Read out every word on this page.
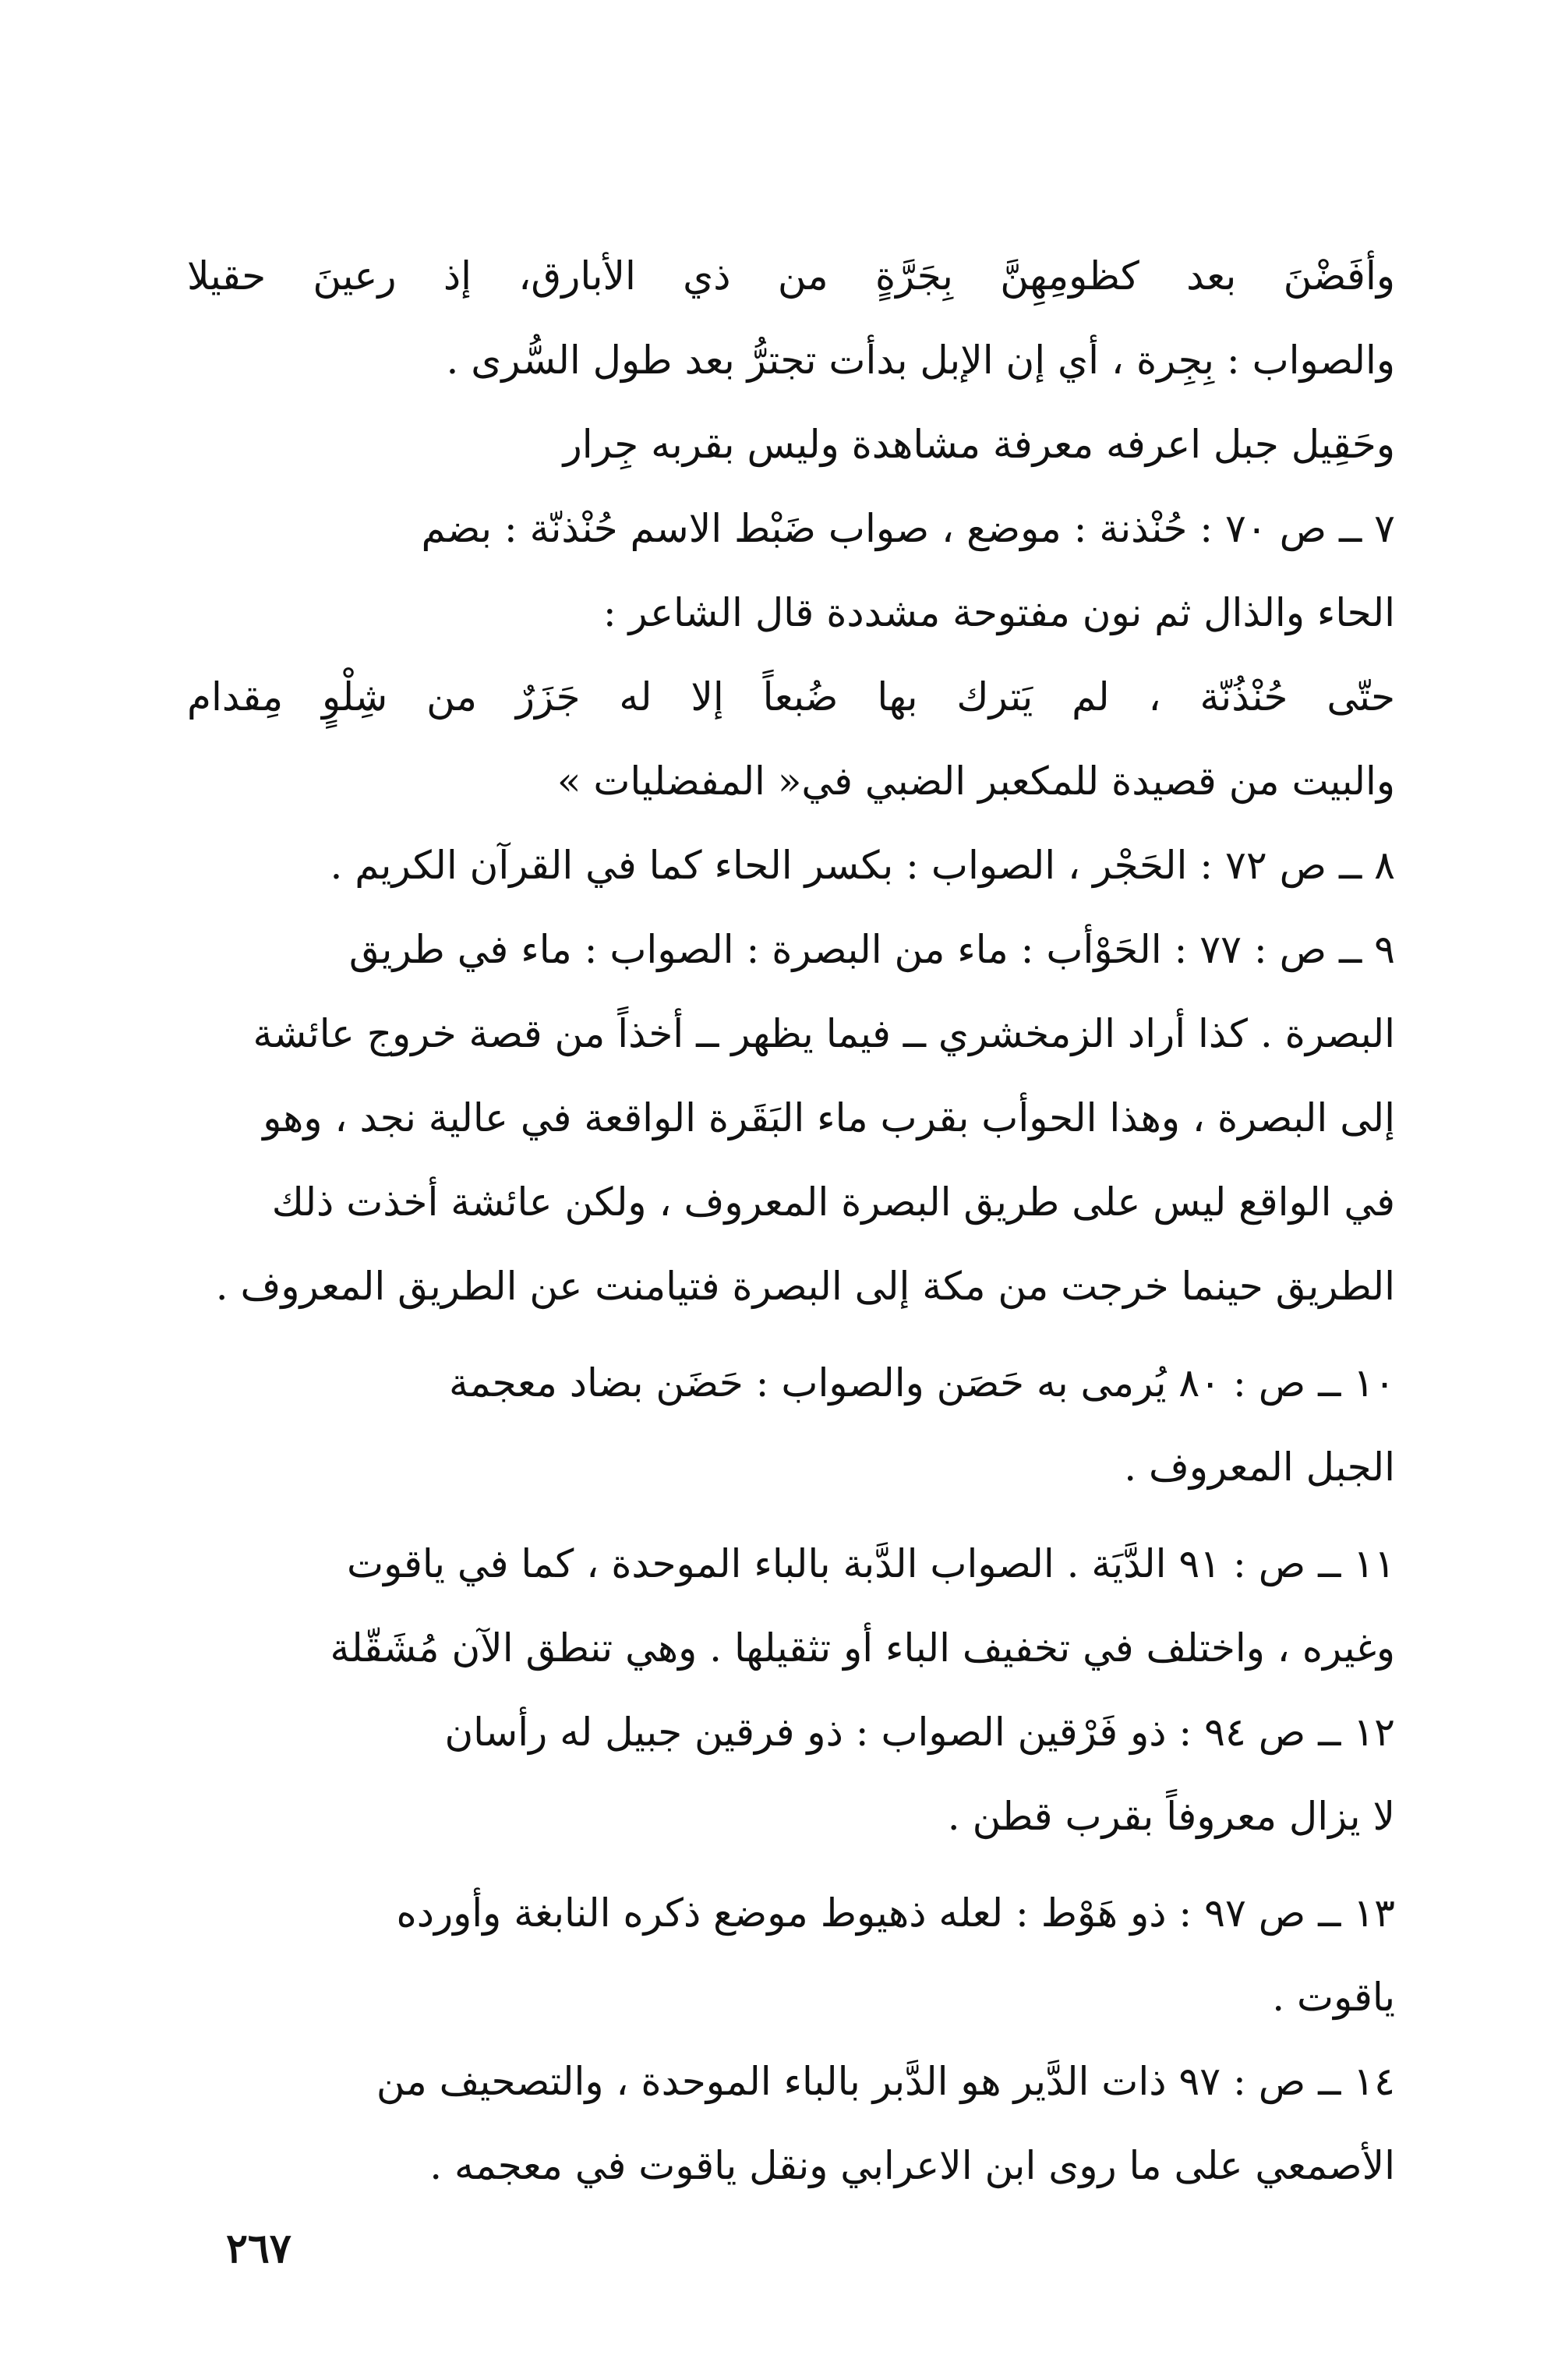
وأفَضْنَ بعد كظومِهِنَّ بِجَرَّةٍ من ذي الأبارق، إذ رعينَ حقيلا
والصواب : بِجِرة ، أي إن الإبل بدأت تجترُّ بعد طول السُّرى .
وحَقِيل جبل اعرفه معرفة مشاهدة وليس بقربه جِرار
٧ ــ ص ٧٠ : حُنْذنة : موضع ، صواب ضَبْط الاسم حُنْذنّة : بضم
الحاء والذال ثم نون مفتوحة مشددة قال الشاعر :
حتّى حُنْذُنّة ، لم يَترك بها ضُبعاً إلا له جَزَرٌ من شِلْوٍ مِقدام
والبيت من قصيدة للمكعبر الضبي في« المفضليات »
٨ ــ ص ٧٢ : الحَجْر ، الصواب : بكسر الحاء كما في القرآن الكريم .
٩ ــ ص : ٧٧ : الحَوْأب : ماء من البصرة : الصواب : ماء في طريق
البصرة . كذا أراد الزمخشري ــ فيما يظهر ــ أخذاً من قصة خروج عائشة
إلى البصرة ، وهذا الحوأب بقرب ماء البَقَرة الواقعة في عالية نجد ، وهو
في الواقع ليس على طريق البصرة المعروف ، ولكن عائشة أخذت ذلك
الطريق حينما خرجت من مكة إلى البصرة فتيامنت عن الطريق المعروف .
١٠ ــ ص : ٨٠ يُرمى به حَصَن والصواب : حَضَن بضاد معجمة
الجبل المعروف .
١١ ــ ص : ٩١ الدَّيَة . الصواب الدَّبة بالباء الموحدة ، كما في ياقوت
وغيره ، واختلف في تخفيف الباء أو تثقيلها . وهي تنطق الآن مُشَقّلة
١٢ ــ ص ٩٤ : ذو فَرْقين الصواب : ذو فرقين جبيل له رأسان
لا يزال معروفاً بقرب قطن .
١٣ ــ ص ٩٧ : ذو هَوْط : لعله ذهيوط موضع ذكره النابغة وأورده
ياقوت .
١٤ ــ ص : ٩٧ ذات الدَّير هو الدَّبر بالباء الموحدة ، والتصحيف من
الأصمعي على ما روى ابن الاعرابي ونقل ياقوت في معجمه .
٢٦٧
